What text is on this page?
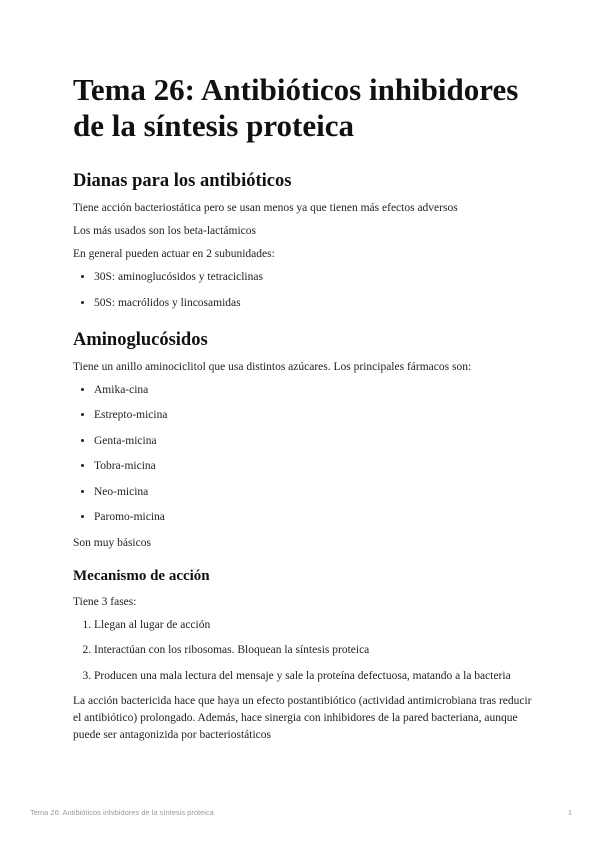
Tema 26: Antibióticos inhibidores de la síntesis proteica
Dianas para los antibióticos

Tiene acción bacteriostática pero se usan menos ya que tienen más efectos adversos

Los más usados son los beta-lactámicos

En general pueden actuar en 2 subunidades:

• 30S: aminoglucósidos y tetraciclinas
• 50S: macrólidos y lincosamidas
Aminoglucósidos

Tiene un anillo aminociclitol que usa distintos azúcares. Los principales fármacos son:

• Amika-cina
• Estrepto-micina
• Genta-micina
• Tobra-micina
• Neo-micina
• Paromo-micina

Son muy básicos

Mecanismo de acción

Tiene 3 fases:

1. Llegan al lugar de acción
2. Interactúan con los ribosomas. Bloquean la síntesis proteica
3. Producen una mala lectura del mensaje y sale la proteína defectuosa, matando a la bacteria

La acción bactericida hace que haya un efecto postantibiótico (actividad antimicrobiana tras reducir el antibiótico) prolongado. Además, hace sinergia con inhibidores de la pared bacteriana, aunque puede ser antagonizida por bacteriostáticos

Tema 26: Antibióticos inhibidores de la síntesis proteica	1
